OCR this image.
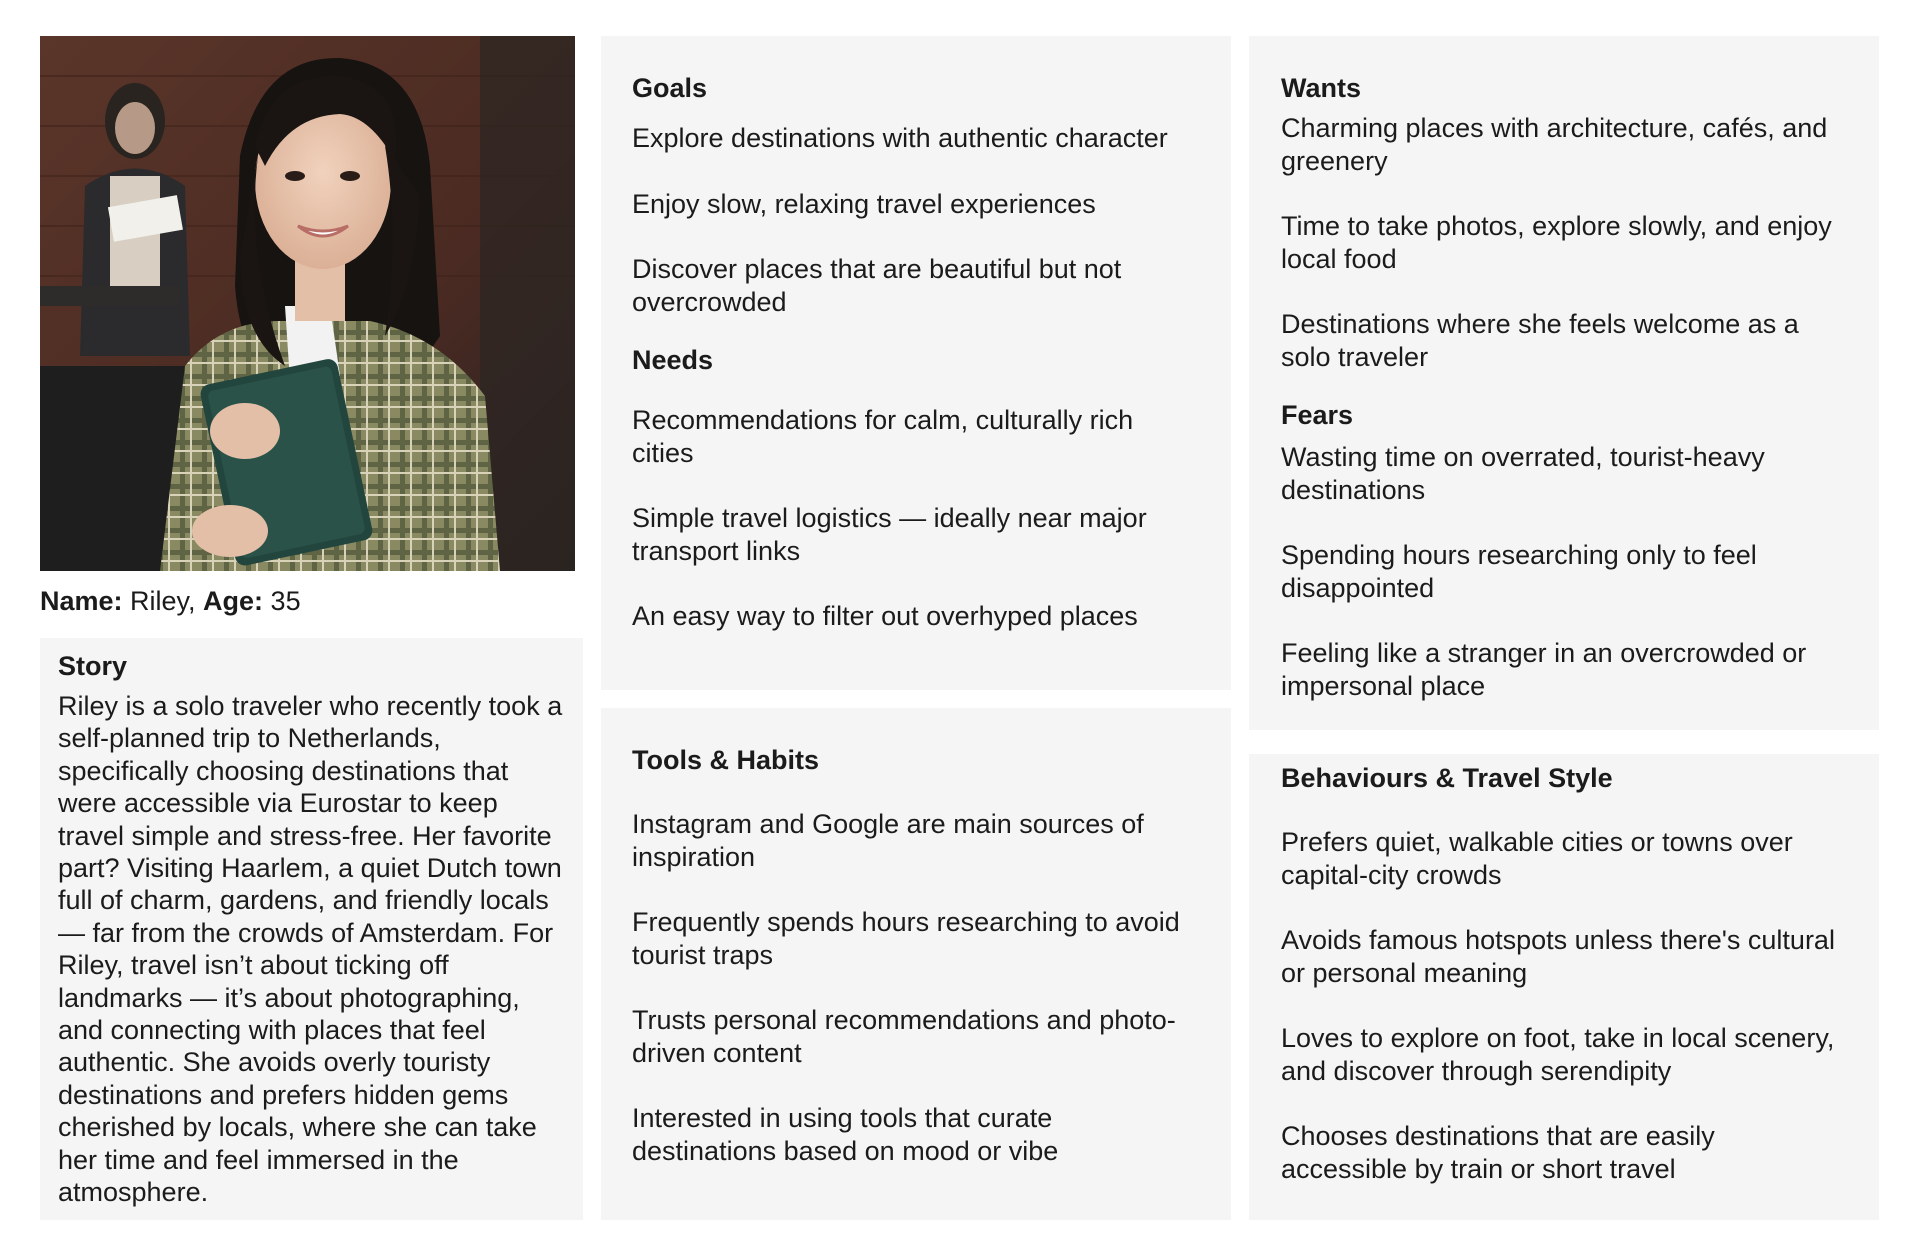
Name: Riley, Age: 35

Story

Riley is a solo traveler who recently took a self-planned trip to Netherlands, specifically choosing destinations that were accessible via Eurostar to keep travel simple and stress-free. Her favorite part? Visiting Haarlem, a quiet Dutch town full of charm, gardens, and friendly locals — far from the crowds of Amsterdam. For Riley, travel isn’t about ticking off landmarks — it’s about photographing, and connecting with places that feel authentic. She avoids overly touristy destinations and prefers hidden gems cherished by locals, where she can take her time and feel immersed in the atmosphere.

Goals

Explore destinations with authentic character

Enjoy slow, relaxing travel experiences

Discover places that are beautiful but not overcrowded

Needs

Recommendations for calm, culturally rich cities

Simple travel logistics — ideally near major transport links

An easy way to filter out overhyped places

Tools & Habits

Instagram and Google are main sources of inspiration

Frequently spends hours researching to avoid tourist traps

Trusts personal recommendations and photo-driven content

Interested in using tools that curate destinations based on mood or vibe

Wants

Charming places with architecture, cafés, and greenery

Time to take photos, explore slowly, and enjoy local food

Destinations where she feels welcome as a solo traveler

Fears

Wasting time on overrated, tourist-heavy destinations

Spending hours researching only to feel disappointed

Feeling like a stranger in an overcrowded or impersonal place

Behaviours & Travel Style

Prefers quiet, walkable cities or towns over capital-city crowds

Avoids famous hotspots unless there's cultural or personal meaning

Loves to explore on foot, take in local scenery, and discover through serendipity

Chooses destinations that are easily accessible by train or short travel
